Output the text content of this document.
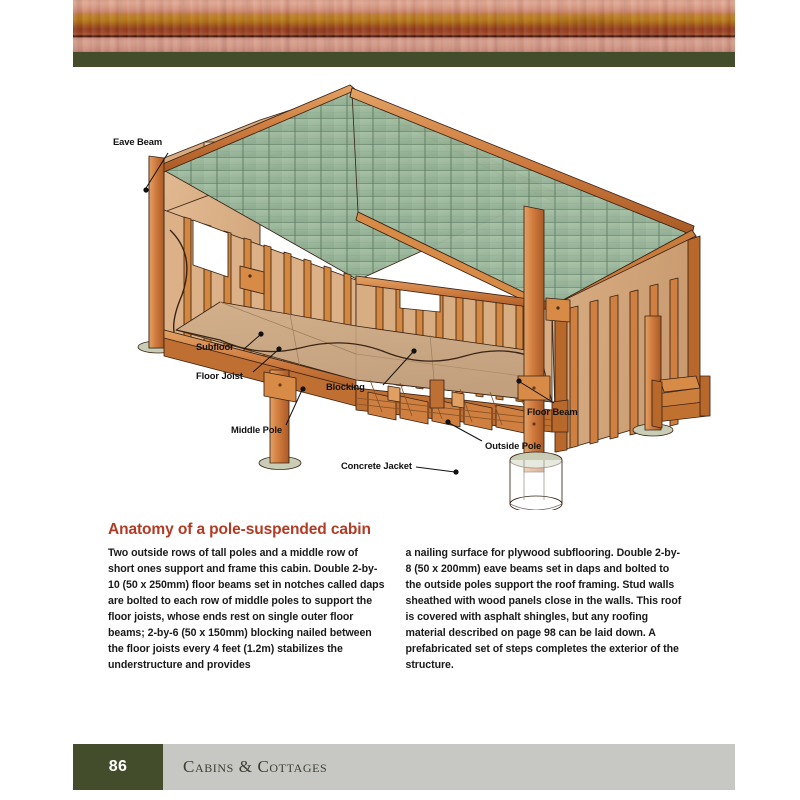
Eave Beam
Subfloor
Floor Joist
Blocking
Middle Pole
Floor Beam
Outside Pole
Concrete Jacket
Anatomy of a pole-suspended cabin

Two outside rows of tall poles and a middle row of short ones support and frame this cabin. Double 2-by-10 (50 x 250mm) floor beams set in notches called daps are bolted to each row of middle poles to support the floor joists, whose ends rest on single outer floor beams; 2-by-6 (50 x 150mm) blocking nailed between the floor joists every 4 feet (1.2m) stabilizes the understructure and provides

a nailing surface for plywood subflooring. Double 2-by-8 (50 x 200mm) eave beams set in daps and bolted to the outside poles support the roof framing. Stud walls sheathed with wood panels close in the walls. This roof is covered with asphalt shingles, but any roofing material described on page 98 can be laid down. A prefabricated set of steps completes the exterior of the structure.

86	Cabins & Cottages
